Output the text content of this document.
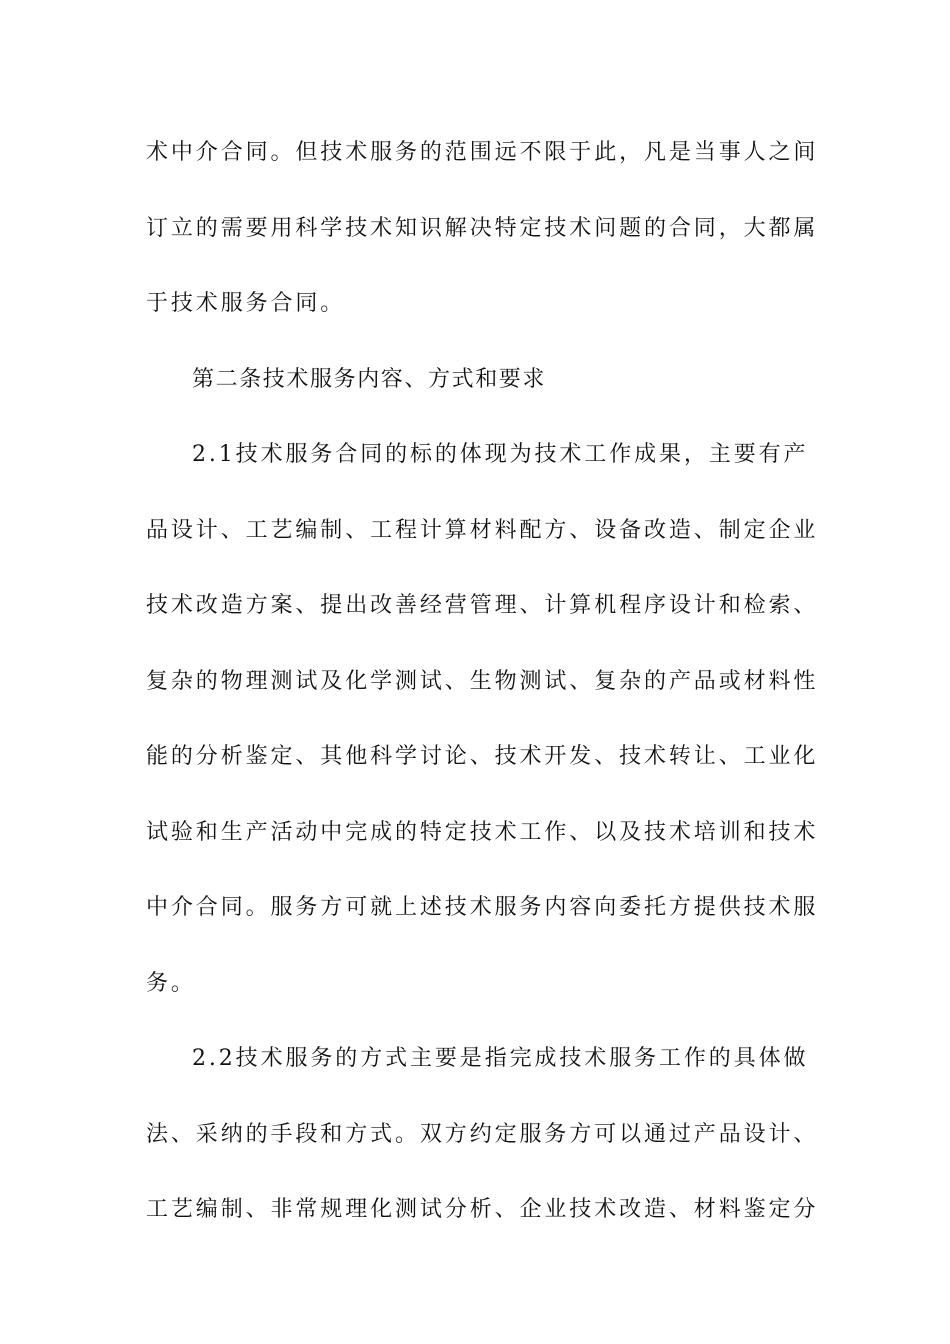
术中介合同。但技术服务的范围远不限于此，凡是当事人之间
订立的需要用科学技术知识解决特定技术问题的合同，大都属
于技术服务合同。
第二条技术服务内容、方式和要求
2.1技术服务合同的标的体现为技术工作成果，主要有产
品设计、工艺编制、工程计算材料配方、设备改造、制定企业
技术改造方案、提出改善经营管理、计算机程序设计和检索、
复杂的物理测试及化学测试、生物测试、复杂的产品或材料性
能的分析鉴定、其他科学讨论、技术开发、技术转让、工业化
试验和生产活动中完成的特定技术工作、以及技术培训和技术
中介合同。服务方可就上述技术服务内容向委托方提供技术服
务。
2.2技术服务的方式主要是指完成技术服务工作的具体做
法、采纳的手段和方式。双方约定服务方可以通过产品设计、
工艺编制、非常规理化测试分析、企业技术改造、材料鉴定分
